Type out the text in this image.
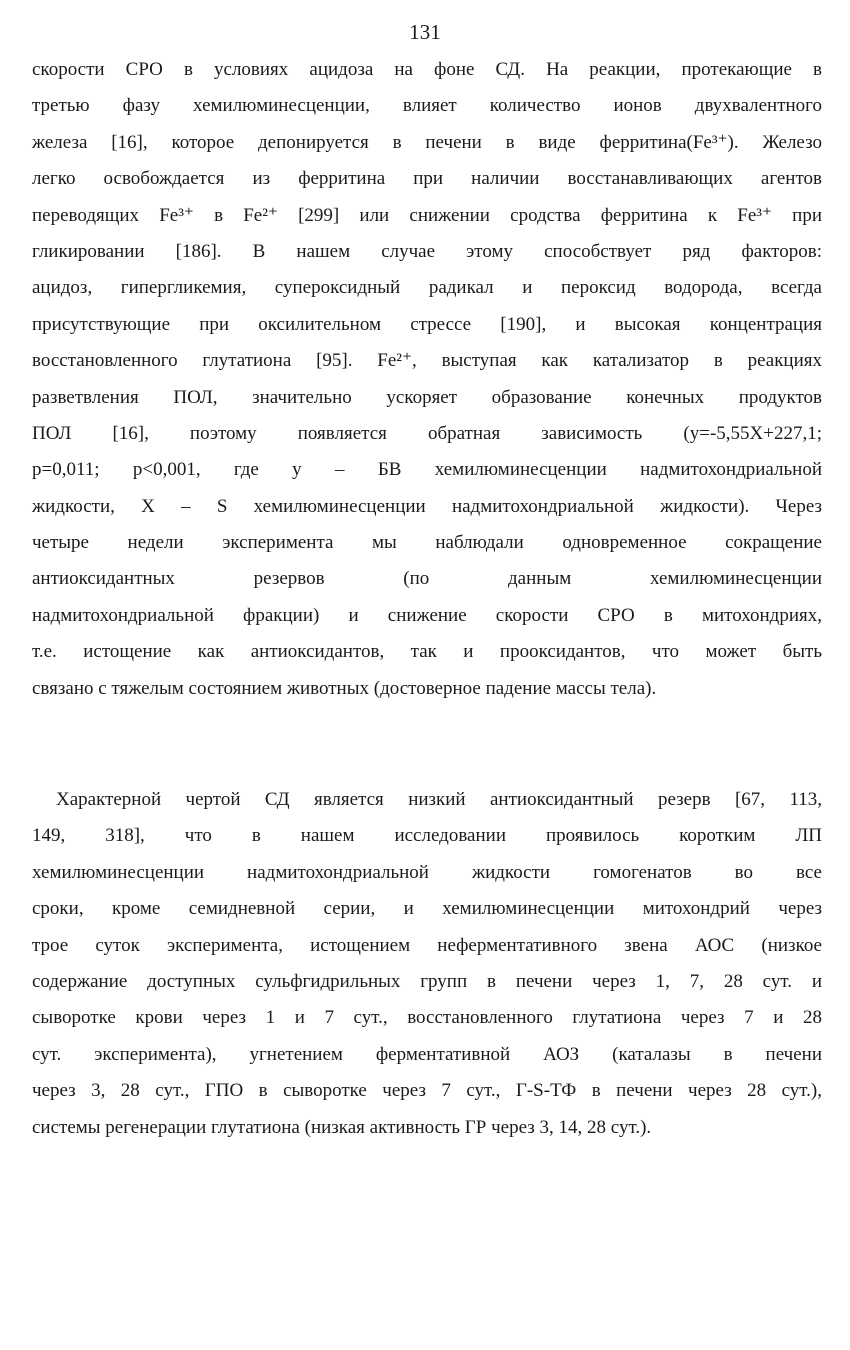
131
скорости СРО в условиях ацидоза на фоне СД. На реакции, протекающие в
третью фазу хемилюминесценции, влияет количество ионов двухвалентного
железа [16], которое депонируется в печени в виде ферритина(Fe³⁺). Железо
легко освобождается из ферритина при наличии восстанавливающих агентов
переводящих Fe³⁺ в Fe²⁺ [299] или снижении сродства ферритина к Fe³⁺ при
гликировании [186]. В нашем случае этому способствует ряд факторов:
ацидоз, гипергликемия, супероксидный радикал и пероксид водорода, всегда
присутствующие при оксилительном стрессе [190], и высокая концентрация
восстановленного глутатиона [95]. Fe²⁺, выступая как катализатор в реакциях
разветвления ПОЛ, значительно ускоряет образование конечных продуктов
ПОЛ [16], поэтому появляется обратная зависимость (y=-5,55X+227,1;
p=0,011; p<0,001, где y – БВ хемилюминесценции надмитохондриальной
жидкости, X – S хемилюминесценции надмитохондриальной жидкости). Через
четыре недели эксперимента мы наблюдали одновременное сокращение
антиоксидантных резервов (по данным хемилюминесценции
надмитохондриальной фракции) и снижение скорости СРО в митохондриях,
т.е. истощение как антиоксидантов, так и прооксидантов, что может быть
связано с тяжелым состоянием животных (достоверное падение массы тела).
Характерной чертой СД является низкий антиоксидантный резерв [67, 113,
149, 318], что в нашем исследовании проявилось коротким ЛП
хемилюминесценции надмитохондриальной жидкости гомогенатов во все
сроки, кроме семидневной серии, и хемилюминесценции митохондрий через
трое суток эксперимента, истощением неферментативного звена АОС (низкое
содержание доступных сульфгидрильных групп в печени через 1, 7, 28 сут. и
сыворотке крови через 1 и 7 сут., восстановленного глутатиона через 7 и 28
сут. эксперимента), угнетением ферментативной АОЗ (каталазы в печени
через 3, 28 сут., ГПО в сыворотке через 7 сут., Г-S-ТФ в печени через 28 сут.),
системы регенерации глутатиона (низкая активность ГР через 3, 14, 28 сут.).
